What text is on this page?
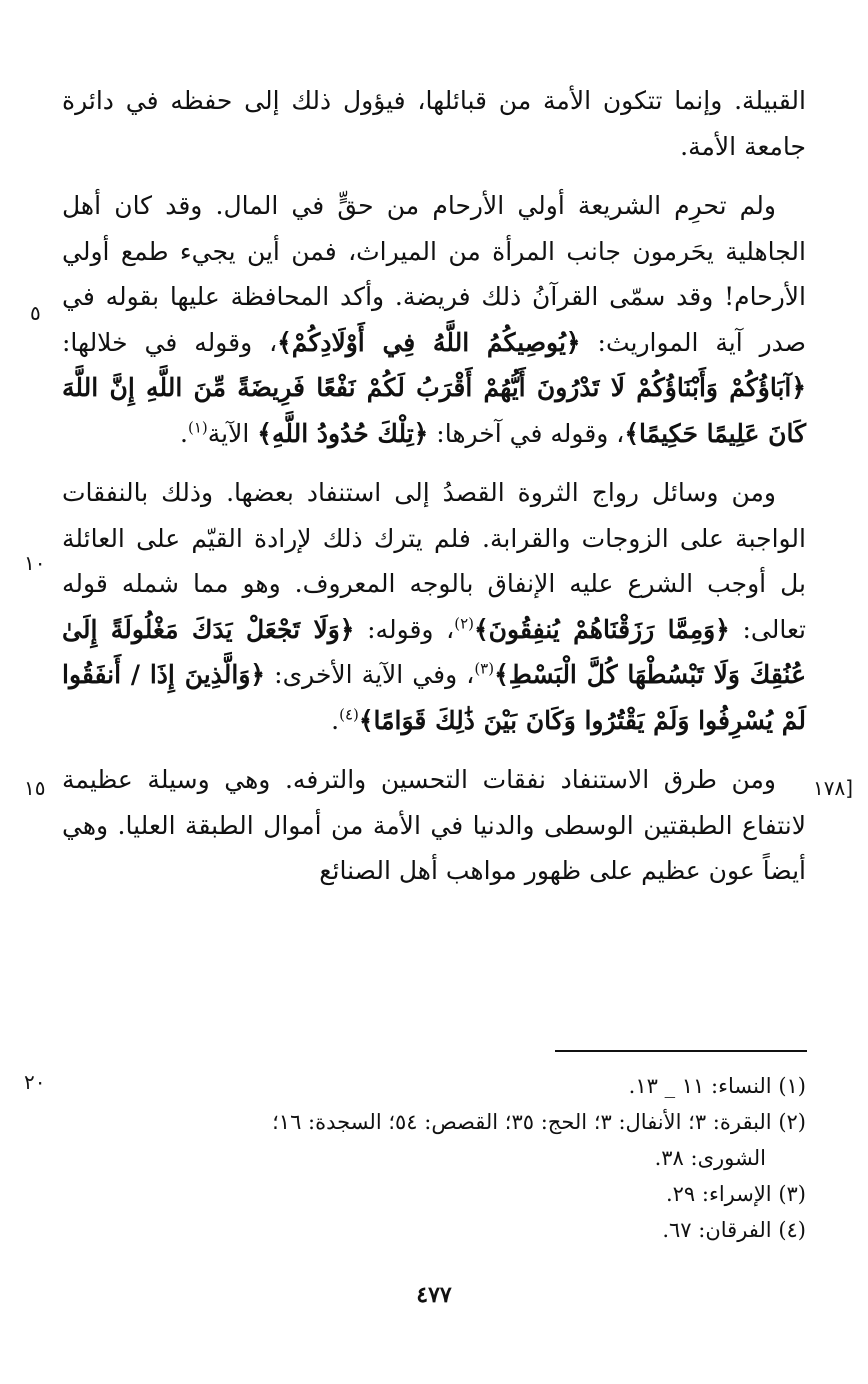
القبيلة. وإنما تتكون الأمة من قبائلها، فيؤول ذلك إلى حفظه في دائرة جامعة الأمة.

ولم تحرِم الشريعة أولي الأرحام من حقٍّ في المال. وقد كان أهل الجاهلية يحَرمون جانب المرأة من الميراث، فمن أين يجيء طمع أولي الأرحام! وقد سمّى القرآنُ ذلك فريضة. وأكد المحافظة عليها بقوله في صدر آية المواريث: ﴿يُوصِيكُمُ اللَّهُ فِي أَوْلَادِكُمْ﴾، وقوله في خلالها: ﴿آبَاؤُكُمْ وَأَبْنَاؤُكُمْ لَا تَدْرُونَ أَيُّهُمْ أَقْرَبُ لَكُمْ نَفْعًا فَرِيضَةً مِّنَ اللَّهِ إِنَّ اللَّهَ كَانَ عَلِيمًا حَكِيمًا﴾، وقوله في آخرها: ﴿تِلْكَ حُدُودُ اللَّهِ﴾ الآية$^{(١)}$.

ومن وسائل رواج الثروة القصدُ إلى استنفاد بعضها. وذلك بالنفقات الواجبة على الزوجات والقرابة. فلم يترك ذلك لإرادة القيّم على العائلة بل أوجب الشرع عليه الإنفاق بالوجه المعروف. وهو مما شمله قوله تعالى: ﴿وَمِمَّا رَزَقْنَاهُمْ يُنفِقُونَ﴾$^{(٢)}$، وقوله: ﴿وَلَا تَجْعَلْ يَدَكَ مَغْلُولَةً إِلَىٰ عُنُقِكَ وَلَا تَبْسُطْهَا كُلَّ الْبَسْطِ﴾$^{(٣)}$، وفي الآية الأخرى: ﴿وَالَّذِينَ إِذَا / أَنفَقُوا لَمْ يُسْرِفُوا وَلَمْ يَقْتُرُوا وَكَانَ بَيْنَ ذَٰلِكَ قَوَامًا﴾$^{(٤)}$.

ومن طرق الاستنفاد نفقات التحسين والترفه. وهي وسيلة عظيمة لانتفاع الطبقتين الوسطى والدنيا في الأمة من أموال الطبقة العليا. وهي أيضاً عون عظيم على ظهور مواهب أهل الصنائع

٥
١٠
١٥	[١٧٨
٢٠	(١) النساء: ١١ _ ١٣.

(٢) البقرة: ٣؛ الأنفال: ٣؛ الحج: ٣٥؛ القصص: ٥٤؛ السجدة: ١٦؛

الشورى: ٣٨.

(٣) الإسراء: ٢٩.

(٤) الفرقان: ٦٧.

٤٧٧
